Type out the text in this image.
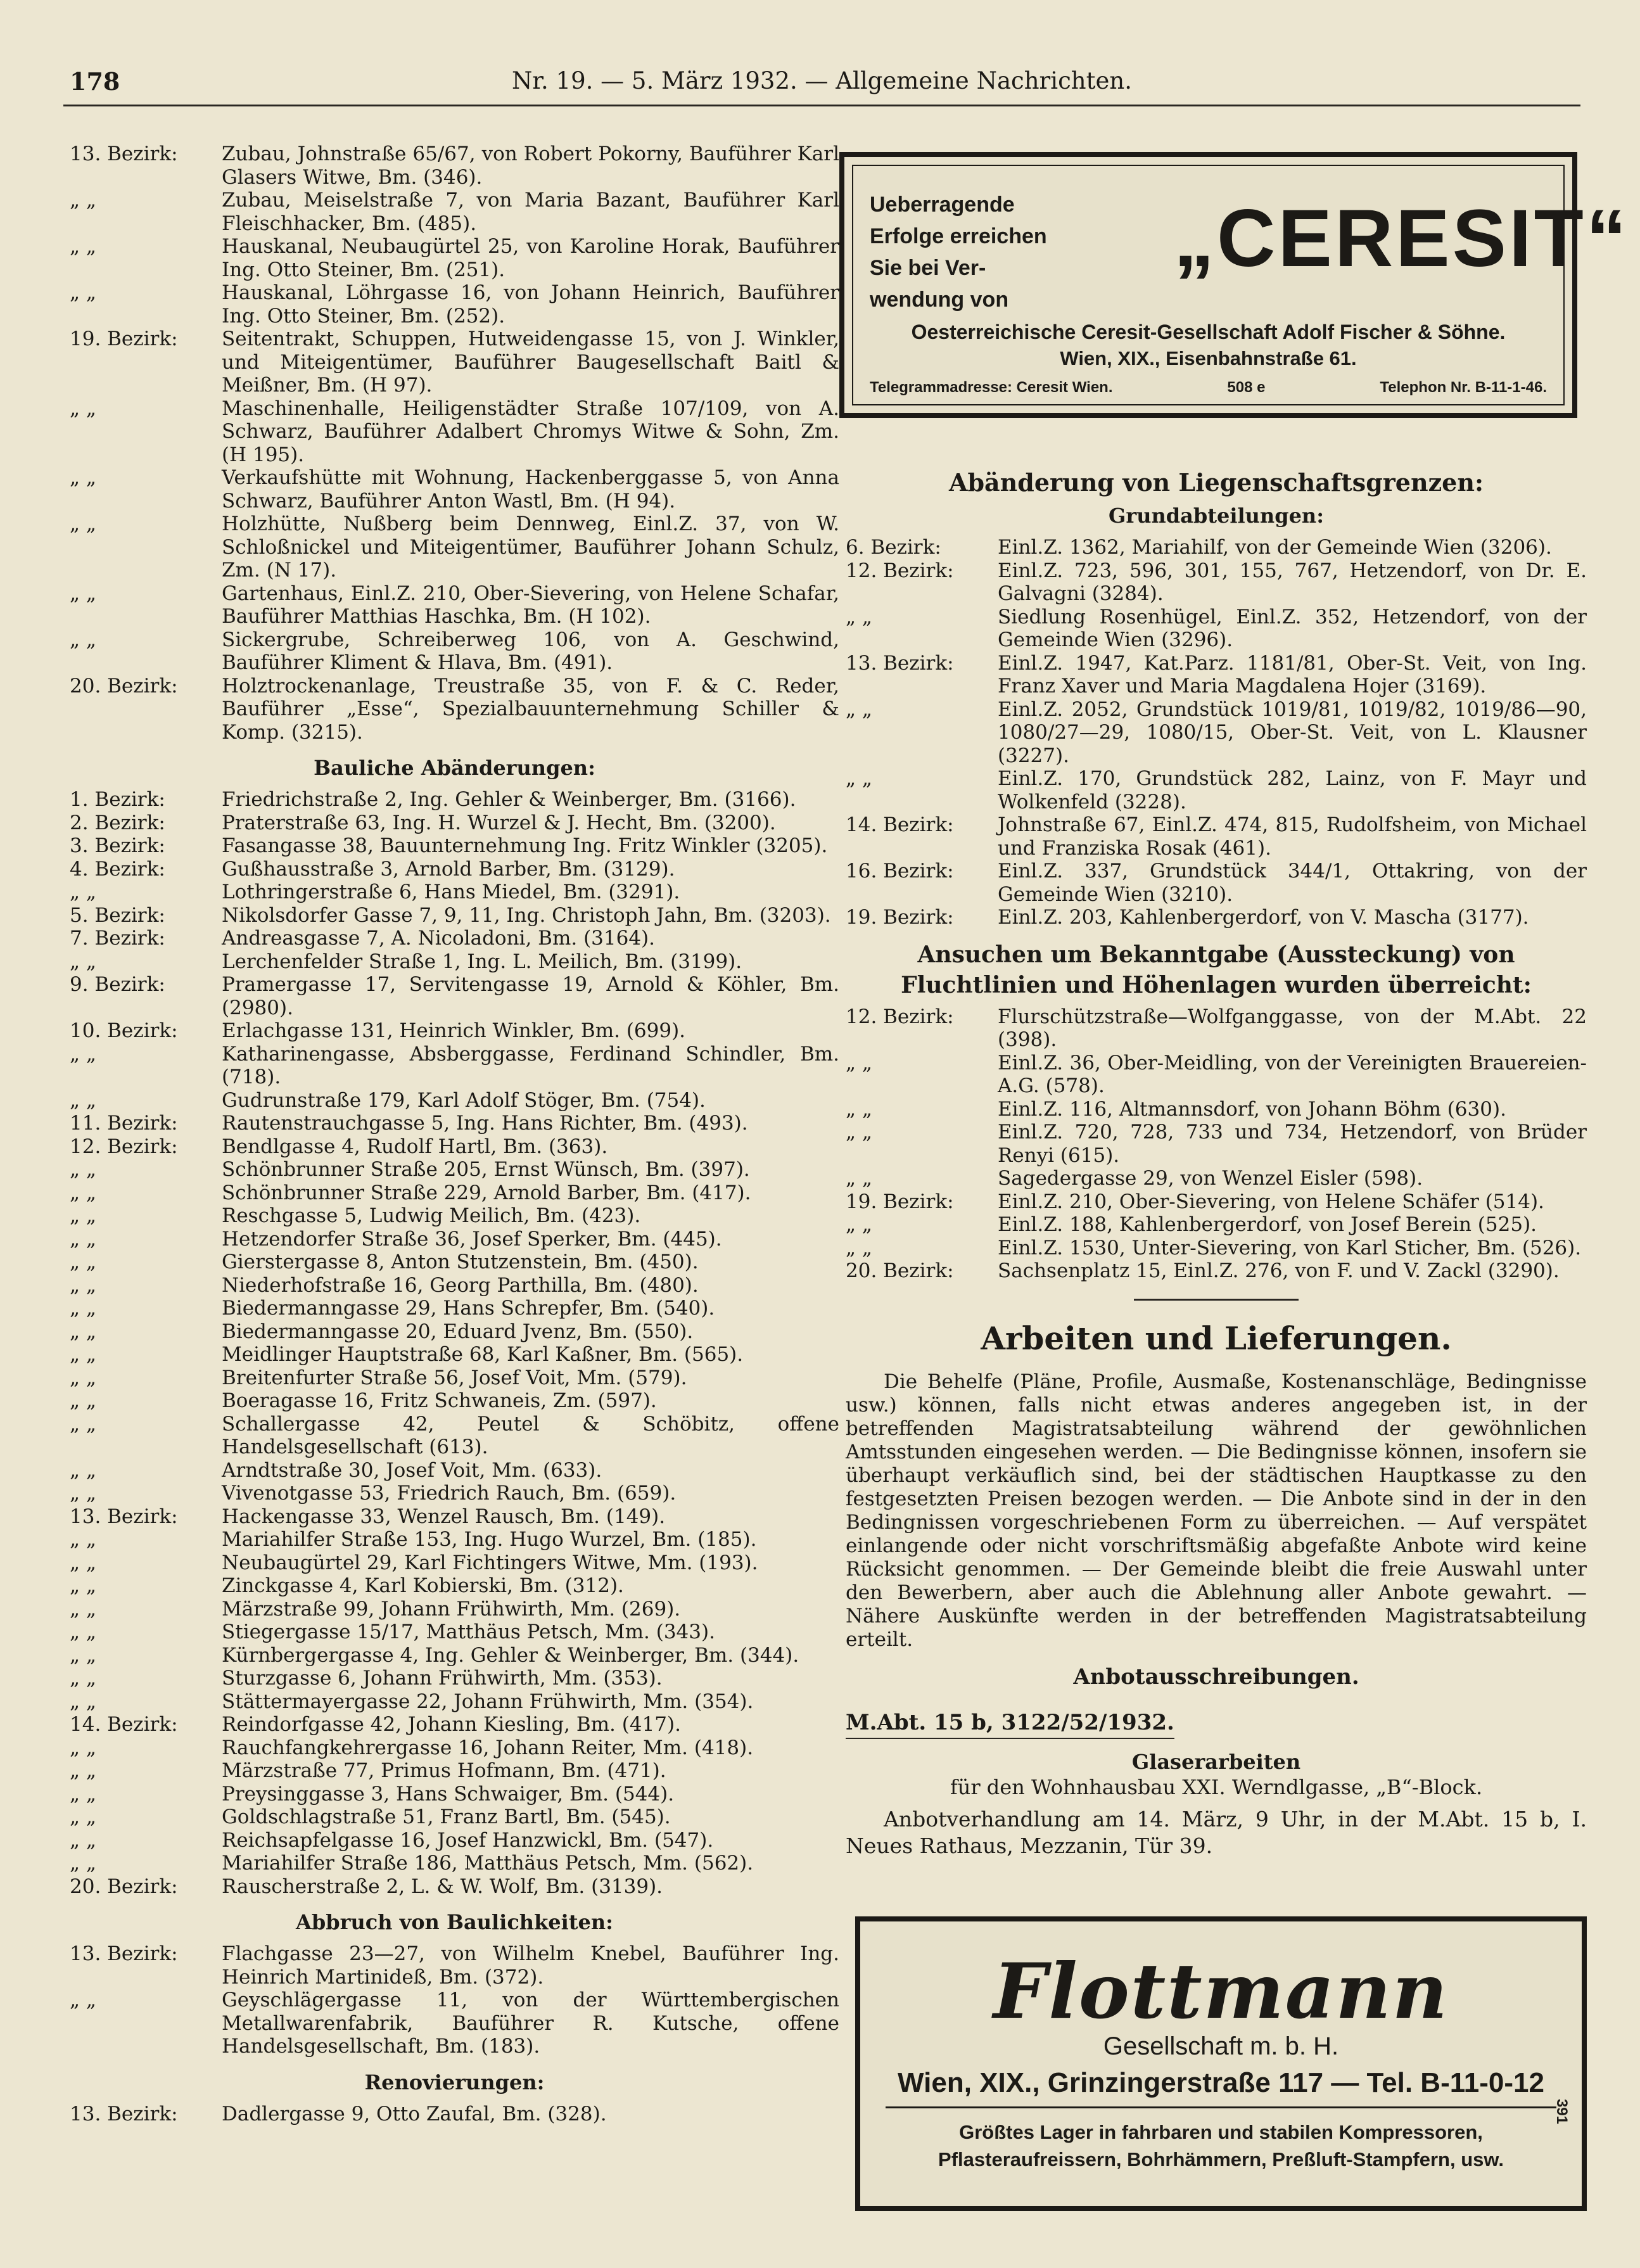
178	Nr. 19. — 5. März 1932. — Allgemeine Nachrichten.
13. Bezirk:	Zubau, Johnstraße 65/67, von Robert Pokorny, Bauführer Karl Glasers Witwe, Bm. (346).
„ „	Zubau, Meiselstraße 7, von Maria Bazant, Bauführer Karl Fleischhacker, Bm. (485).
„ „	Hauskanal, Neubaugürtel 25, von Karoline Horak, Bauführer Ing. Otto Steiner, Bm. (251).
„ „	Hauskanal, Löhrgasse 16, von Johann Heinrich, Bauführer Ing. Otto Steiner, Bm. (252).
19. Bezirk:	Seitentrakt, Schuppen, Hutweidengasse 15, von J. Winkler, und Miteigentümer, Bauführer Baugesellschaft Baitl & Meißner, Bm. (H 97).
„ „	Maschinenhalle, Heiligenstädter Straße 107/109, von A. Schwarz, Bauführer Adalbert Chromys Witwe & Sohn, Zm. (H 195).
„ „	Verkaufshütte mit Wohnung, Hackenberggasse 5, von Anna Schwarz, Bauführer Anton Wastl, Bm. (H 94).
„ „	Holzhütte, Nußberg beim Dennweg, Einl.Z. 37, von W. Schloßnickel und Miteigentümer, Bauführer Johann Schulz, Zm. (N 17).
„ „	Gartenhaus, Einl.Z. 210, Ober-Sievering, von Helene Schafar, Bauführer Matthias Haschka, Bm. (H 102).
„ „	Sickergrube, Schreiberweg 106, von A. Geschwind, Bauführer Kliment & Hlava, Bm. (491).
20. Bezirk:	Holztrockenanlage, Treustraße 35, von F. & C. Reder, Bauführer „Esse“, Spezialbauunternehmung Schiller & Komp. (3215).
Bauliche Abänderungen:
1. Bezirk:	Friedrichstraße 2, Ing. Gehler & Weinberger, Bm. (3166).
2. Bezirk:	Praterstraße 63, Ing. H. Wurzel & J. Hecht, Bm. (3200).
3. Bezirk:	Fasangasse 38, Bauunternehmung Ing. Fritz Winkler (3205).
4. Bezirk:	Gußhausstraße 3, Arnold Barber, Bm. (3129).
„ „	Lothringerstraße 6, Hans Miedel, Bm. (3291).
5. Bezirk:	Nikolsdorfer Gasse 7, 9, 11, Ing. Christoph Jahn, Bm. (3203).
7. Bezirk:	Andreasgasse 7, A. Nicoladoni, Bm. (3164).
„ „	Lerchenfelder Straße 1, Ing. L. Meilich, Bm. (3199).
9. Bezirk:	Pramergasse 17, Servitengasse 19, Arnold & Köhler, Bm. (2980).
10. Bezirk:	Erlachgasse 131, Heinrich Winkler, Bm. (699).
„ „	Katharinengasse, Absberggasse, Ferdinand Schindler, Bm. (718).
„ „	Gudrunstraße 179, Karl Adolf Stöger, Bm. (754).
11. Bezirk:	Rautenstrauchgasse 5, Ing. Hans Richter, Bm. (493).
12. Bezirk:	Bendlgasse 4, Rudolf Hartl, Bm. (363).
„ „	Schönbrunner Straße 205, Ernst Wünsch, Bm. (397).
„ „	Schönbrunner Straße 229, Arnold Barber, Bm. (417).
„ „	Reschgasse 5, Ludwig Meilich, Bm. (423).
„ „	Hetzendorfer Straße 36, Josef Sperker, Bm. (445).
„ „	Gierstergasse 8, Anton Stutzenstein, Bm. (450).
„ „	Niederhofstraße 16, Georg Parthilla, Bm. (480).
„ „	Biedermanngasse 29, Hans Schrepfer, Bm. (540).
„ „	Biedermanngasse 20, Eduard Jvenz, Bm. (550).
„ „	Meidlinger Hauptstraße 68, Karl Kaßner, Bm. (565).
„ „	Breitenfurter Straße 56, Josef Voit, Mm. (579).
„ „	Boeragasse 16, Fritz Schwaneis, Zm. (597).
„ „	Schallergasse 42, Peutel & Schöbitz, offene Handelsgesellschaft (613).
„ „	Arndtstraße 30, Josef Voit, Mm. (633).
„ „	Vivenotgasse 53, Friedrich Rauch, Bm. (659).
13. Bezirk:	Hackengasse 33, Wenzel Rausch, Bm. (149).
„ „	Mariahilfer Straße 153, Ing. Hugo Wurzel, Bm. (185).
„ „	Neubaugürtel 29, Karl Fichtingers Witwe, Mm. (193).
„ „	Zinckgasse 4, Karl Kobierski, Bm. (312).
„ „	Märzstraße 99, Johann Frühwirth, Mm. (269).
„ „	Stiegergasse 15/17, Matthäus Petsch, Mm. (343).
„ „	Kürnbergergasse 4, Ing. Gehler & Weinberger, Bm. (344).
„ „	Sturzgasse 6, Johann Frühwirth, Mm. (353).
„ „	Stättermayergasse 22, Johann Frühwirth, Mm. (354).
14. Bezirk:	Reindorfgasse 42, Johann Kiesling, Bm. (417).
„ „	Rauchfangkehrergasse 16, Johann Reiter, Mm. (418).
„ „	Märzstraße 77, Primus Hofmann, Bm. (471).
„ „	Preysinggasse 3, Hans Schwaiger, Bm. (544).
„ „	Goldschlagstraße 51, Franz Bartl, Bm. (545).
„ „	Reichsapfelgasse 16, Josef Hanzwickl, Bm. (547).
„ „	Mariahilfer Straße 186, Matthäus Petsch, Mm. (562).
20. Bezirk:	Rauscherstraße 2, L. & W. Wolf, Bm. (3139).
Abbruch von Baulichkeiten:
13. Bezirk:	Flachgasse 23—27, von Wilhelm Knebel, Bauführer Ing. Heinrich Martinideß, Bm. (372).
„ „	Geyschlägergasse 11, von der Württembergischen Metallwarenfabrik, Bauführer R. Kutsche, offene Handelsgesellschaft, Bm. (183).
Renovierungen:
13. Bezirk:	Dadlergasse 9, Otto Zaufal, Bm. (328).
Ueberragende
Erfolge erreichen
Sie bei Ver-
wendung von
„CERESIT“
Oesterreichische Ceresit-Gesellschaft Adolf Fischer & Söhne.
Wien, XIX., Eisenbahnstraße 61.
Telegrammadresse: Ceresit Wien.	508 e	Telephon Nr. B-11-1-46.
Abänderung von Liegenschaftsgrenzen:
Grundabteilungen:
6. Bezirk:	Einl.Z. 1362, Mariahilf, von der Gemeinde Wien (3206).
12. Bezirk:	Einl.Z. 723, 596, 301, 155, 767, Hetzendorf, von Dr. E. Galvagni (3284).
„ „	Siedlung Rosenhügel, Einl.Z. 352, Hetzendorf, von der Gemeinde Wien (3296).
13. Bezirk:	Einl.Z. 1947, Kat.Parz. 1181/81, Ober-St. Veit, von Ing. Franz Xaver und Maria Magdalena Hojer (3169).
„ „	Einl.Z. 2052, Grundstück 1019/81, 1019/82, 1019/86—90, 1080/27—29, 1080/15, Ober-St. Veit, von L. Klausner (3227).
„ „	Einl.Z. 170, Grundstück 282, Lainz, von F. Mayr und Wolkenfeld (3228).
14. Bezirk:	Johnstraße 67, Einl.Z. 474, 815, Rudolfsheim, von Michael und Franziska Rosak (461).
16. Bezirk:	Einl.Z. 337, Grundstück 344/1, Ottakring, von der Gemeinde Wien (3210).
19. Bezirk:	Einl.Z. 203, Kahlenbergerdorf, von V. Mascha (3177).
Ansuchen um Bekanntgabe (Aussteckung) von Fluchtlinien und Höhenlagen wurden überreicht:
12. Bezirk:	Flurschützstraße—Wolfganggasse, von der M.Abt. 22 (398).
„ „	Einl.Z. 36, Ober-Meidling, von der Vereinigten Brauereien-A.G. (578).
„ „	Einl.Z. 116, Altmannsdorf, von Johann Böhm (630).
„ „	Einl.Z. 720, 728, 733 und 734, Hetzendorf, von Brüder Renyi (615).
„ „	Sagedergasse 29, von Wenzel Eisler (598).
19. Bezirk:	Einl.Z. 210, Ober-Sievering, von Helene Schäfer (514).
„ „	Einl.Z. 188, Kahlenbergerdorf, von Josef Berein (525).
„ „	Einl.Z. 1530, Unter-Sievering, von Karl Sticher, Bm. (526).
20. Bezirk:	Sachsenplatz 15, Einl.Z. 276, von F. und V. Zackl (3290).
Arbeiten und Lieferungen.
Die Behelfe (Pläne, Profile, Ausmaße, Kostenanschläge, Bedingnisse usw.) können, falls nicht etwas anderes angegeben ist, in der betreffenden Magistratsabteilung während der gewöhnlichen Amtsstunden eingesehen werden. — Die Bedingnisse können, insofern sie überhaupt verkäuflich sind, bei der städtischen Hauptkasse zu den festgesetzten Preisen bezogen werden. — Die Anbote sind in der in den Bedingnissen vorgeschriebenen Form zu überreichen. — Auf verspätet einlangende oder nicht vorschriftsmäßig abgefaßte Anbote wird keine Rücksicht genommen. — Der Gemeinde bleibt die freie Auswahl unter den Bewerbern, aber auch die Ablehnung aller Anbote gewahrt. — Nähere Auskünfte werden in der betreffenden Magistratsabteilung erteilt.
Anbotausschreibungen.
M.Abt. 15 b, 3122/52/1932.
Glaserarbeiten
für den Wohnhausbau XXI. Werndlgasse, „B“-Block.
Anbotverhandlung am 14. März, 9 Uhr, in der M.Abt. 15 b, I. Neues Rathaus, Mezzanin, Tür 39.
Flottmann
Gesellschaft m. b. H.
Wien, XIX., Grinzingerstraße 117 — Tel. B-11-0-12
Größtes Lager in fahrbaren und stabilen Kompressoren,
Pflasteraufreissern, Bohrhämmern, Preßluft-Stampfern, usw.
391
